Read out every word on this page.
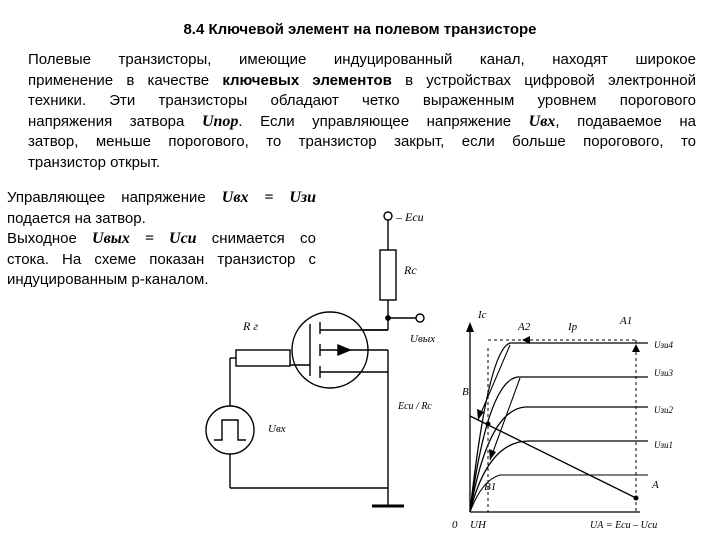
8.4 Ключевой элемент на полевом транзисторе
Полевые транзисторы, имеющие индуцированный канал, находят широкое
применение в качестве ключевых элементов в устройствах цифровой электронной
техники. Эти транзисторы обладают четко выраженным уровнем порогового
напряжения затвора Uпор. Если управляющее напряжение Uвх, подаваемое на
затвор, меньше порогового, то транзистор закрыт, если больше порогового, то
транзистор открыт.
Управляющее напряжение Uвх = Uзи
подается на затвор.
Выходное Uвых = Uси снимается со
стока. На схеме показан транзистор с
индуцированным р-каналом.
– Eси
Rс
R г
Uвых
Uвх
Iс
Iр
A2	A1
B
B1	A
Eси / Rс
0 UН	UА = Eси – Uси
Uзи4
Uзи3
Uзи2
Uзи1
